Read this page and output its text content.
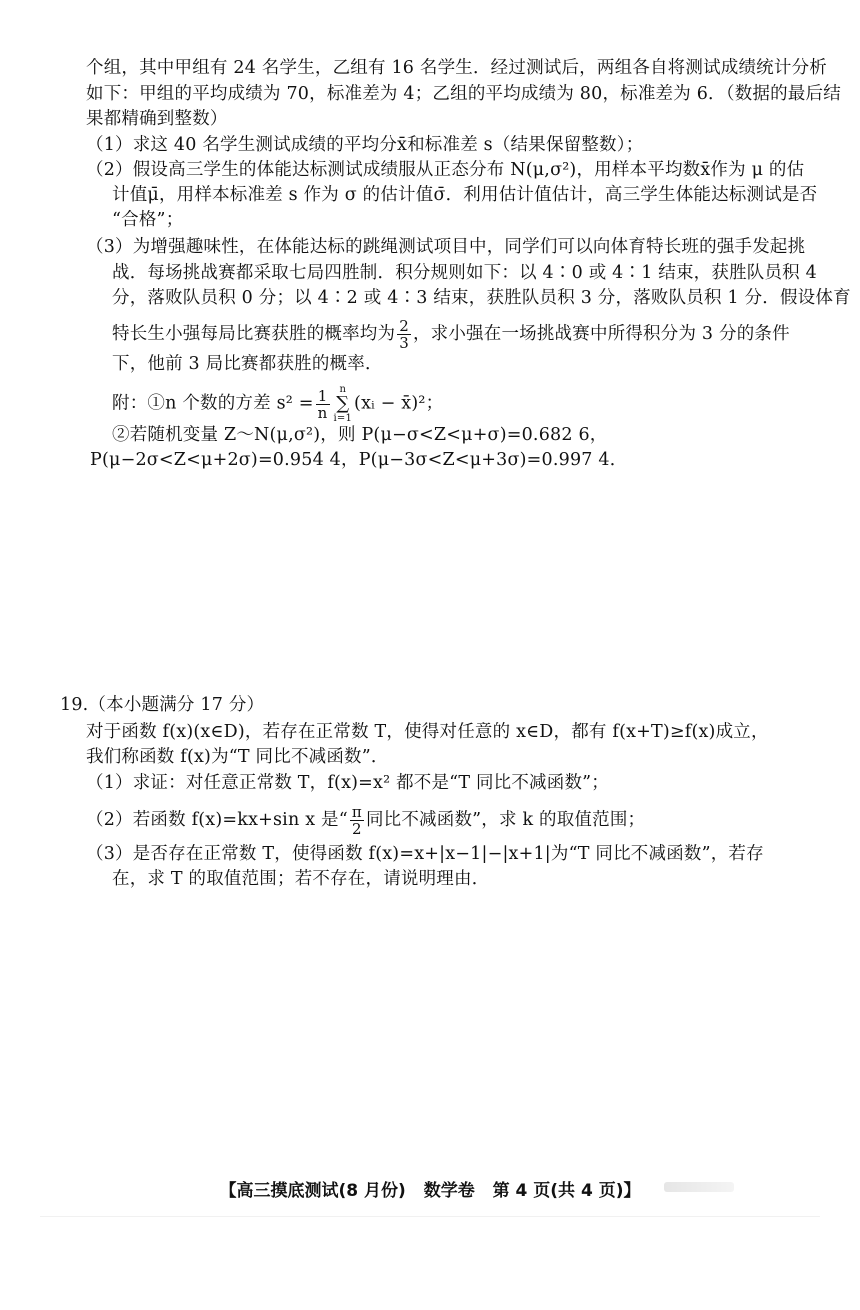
个组，其中甲组有 24 名学生，乙组有 16 名学生．经过测试后，两组各自将测试成绩统计分析
如下：甲组的平均成绩为 70，标准差为 4；乙组的平均成绩为 80，标准差为 6．（数据的最后结
果都精确到整数）
（1）求这 40 名学生测试成绩的平均分x̄和标准差 s（结果保留整数）；
（2）假设高三学生的体能达标测试成绩服从正态分布 N(μ,σ²)，用样本平均数x̄作为 μ 的估
计值μ̄，用样本标准差 s 作为 σ 的估计值σ̄．利用估计值估计，高三学生体能达标测试是否
“合格”；
（3）为增强趣味性，在体能达标的跳绳测试项目中，同学们可以向体育特长班的强手发起挑
战．每场挑战赛都采取七局四胜制．积分规则如下：以 4∶0 或 4∶1 结束，获胜队员积 4
分，落败队员积 0 分；以 4∶2 或 4∶3 结束，获胜队员积 3 分，落败队员积 1 分．假设体育
特长生小强每局比赛获胜的概率均为 $\frac{2}{3}$ ，求小强在一场挑战赛中所得积分为 3 分的条件
下，他前 3 局比赛都获胜的概率．
附：①n 个数的方差 $s^2 = \frac{1}{n}$ n
∑
i=1(xᵢ − x̄)²；
②若随机变量 Z～N(μ,σ²)，则 P(μ−σ<Z<μ+σ)=0.682 6，
P(μ−2σ<Z<μ+2σ)=0.954 4，P(μ−3σ<Z<μ+3σ)=0.997 4．
19.（本小题满分 17 分）
对于函数 f(x)(x∈D)，若存在正常数 T，使得对任意的 x∈D，都有 f(x+T)≥f(x)成立，
我们称函数 f(x)为“T 同比不减函数”．
（1）求证：对任意正常数 T，f(x)=x² 都不是“T 同比不减函数”；
（2）若函数 f(x)=kx+sin x 是“ $\frac{\pi}{2}$ 同比不减函数”，求 k 的取值范围；
（3）是否存在正常数 T，使得函数 f(x)=x+|x−1|−|x+1|为“T 同比不减函数”，若存
在，求 T 的取值范围；若不存在，请说明理由．
【高三摸底测试(8 月份) 数学卷 第 4 页(共 4 页)】
